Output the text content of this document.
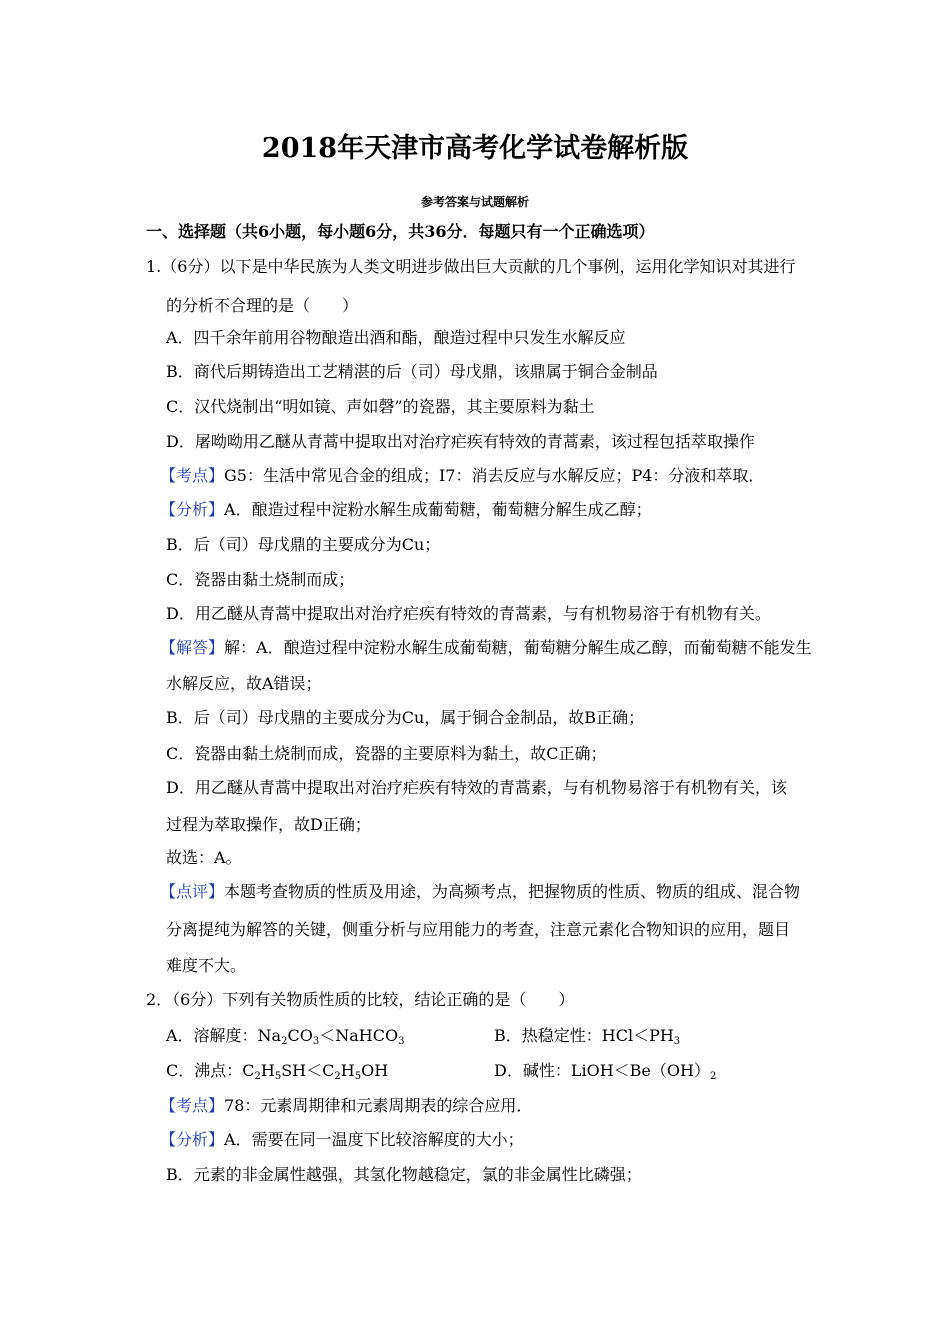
2018年天津市高考化学试卷解析版
参考答案与试题解析
一、选择题（共6小题，每小题6分，共36分．每题只有一个正确选项）
1.（6分）以下是中华民族为人类文明进步做出巨大贡献的几个事例，运用化学知识对其进行
的分析不合理的是（　　）
A．四千余年前用谷物酿造出酒和酯，酿造过程中只发生水解反应
B．商代后期铸造出工艺精湛的后（司）母戊鼎，该鼎属于铜合金制品
C．汉代烧制出“明如镜、声如磬”的瓷器，其主要原料为黏土
D．屠呦呦用乙醚从青蒿中提取出对治疗疟疾有特效的青蒿素，该过程包括萃取操作
【考点】G5：生活中常见合金的组成；I7：消去反应与水解反应；P4：分液和萃取．
【分析】A．酿造过程中淀粉水解生成葡萄糖，葡萄糖分解生成乙醇；
B．后（司）母戊鼎的主要成分为Cu；
C．瓷器由黏土烧制而成；
D．用乙醚从青蒿中提取出对治疗疟疾有特效的青蒿素，与有机物易溶于有机物有关。
【解答】解：A．酿造过程中淀粉水解生成葡萄糖，葡萄糖分解生成乙醇，而葡萄糖不能发生
水解反应，故A错误；
B．后（司）母戊鼎的主要成分为Cu，属于铜合金制品，故B正确；
C．瓷器由黏土烧制而成，瓷器的主要原料为黏土，故C正确；
D．用乙醚从青蒿中提取出对治疗疟疾有特效的青蒿素，与有机物易溶于有机物有关，该
过程为萃取操作，故D正确；
故选：A。
【点评】本题考查物质的性质及用途，为高频考点，把握物质的性质、物质的组成、混合物
分离提纯为解答的关键，侧重分析与应用能力的考查，注意元素化合物知识的应用，题目
难度不大。
2．（6分）下列有关物质性质的比较，结论正确的是（　　）
A．溶解度：$Na_2CO_3<NaHCO_3$	B．热稳定性：$HCl<PH_3$
C．沸点：$C_2H_5SH<C_2H_5OH$	D．碱性：$LiOH<Be(OH)_2$
【考点】78：元素周期律和元素周期表的综合应用．
【分析】A．需要在同一温度下比较溶解度的大小；
B．元素的非金属性越强，其氢化物越稳定，氯的非金属性比磷强；
